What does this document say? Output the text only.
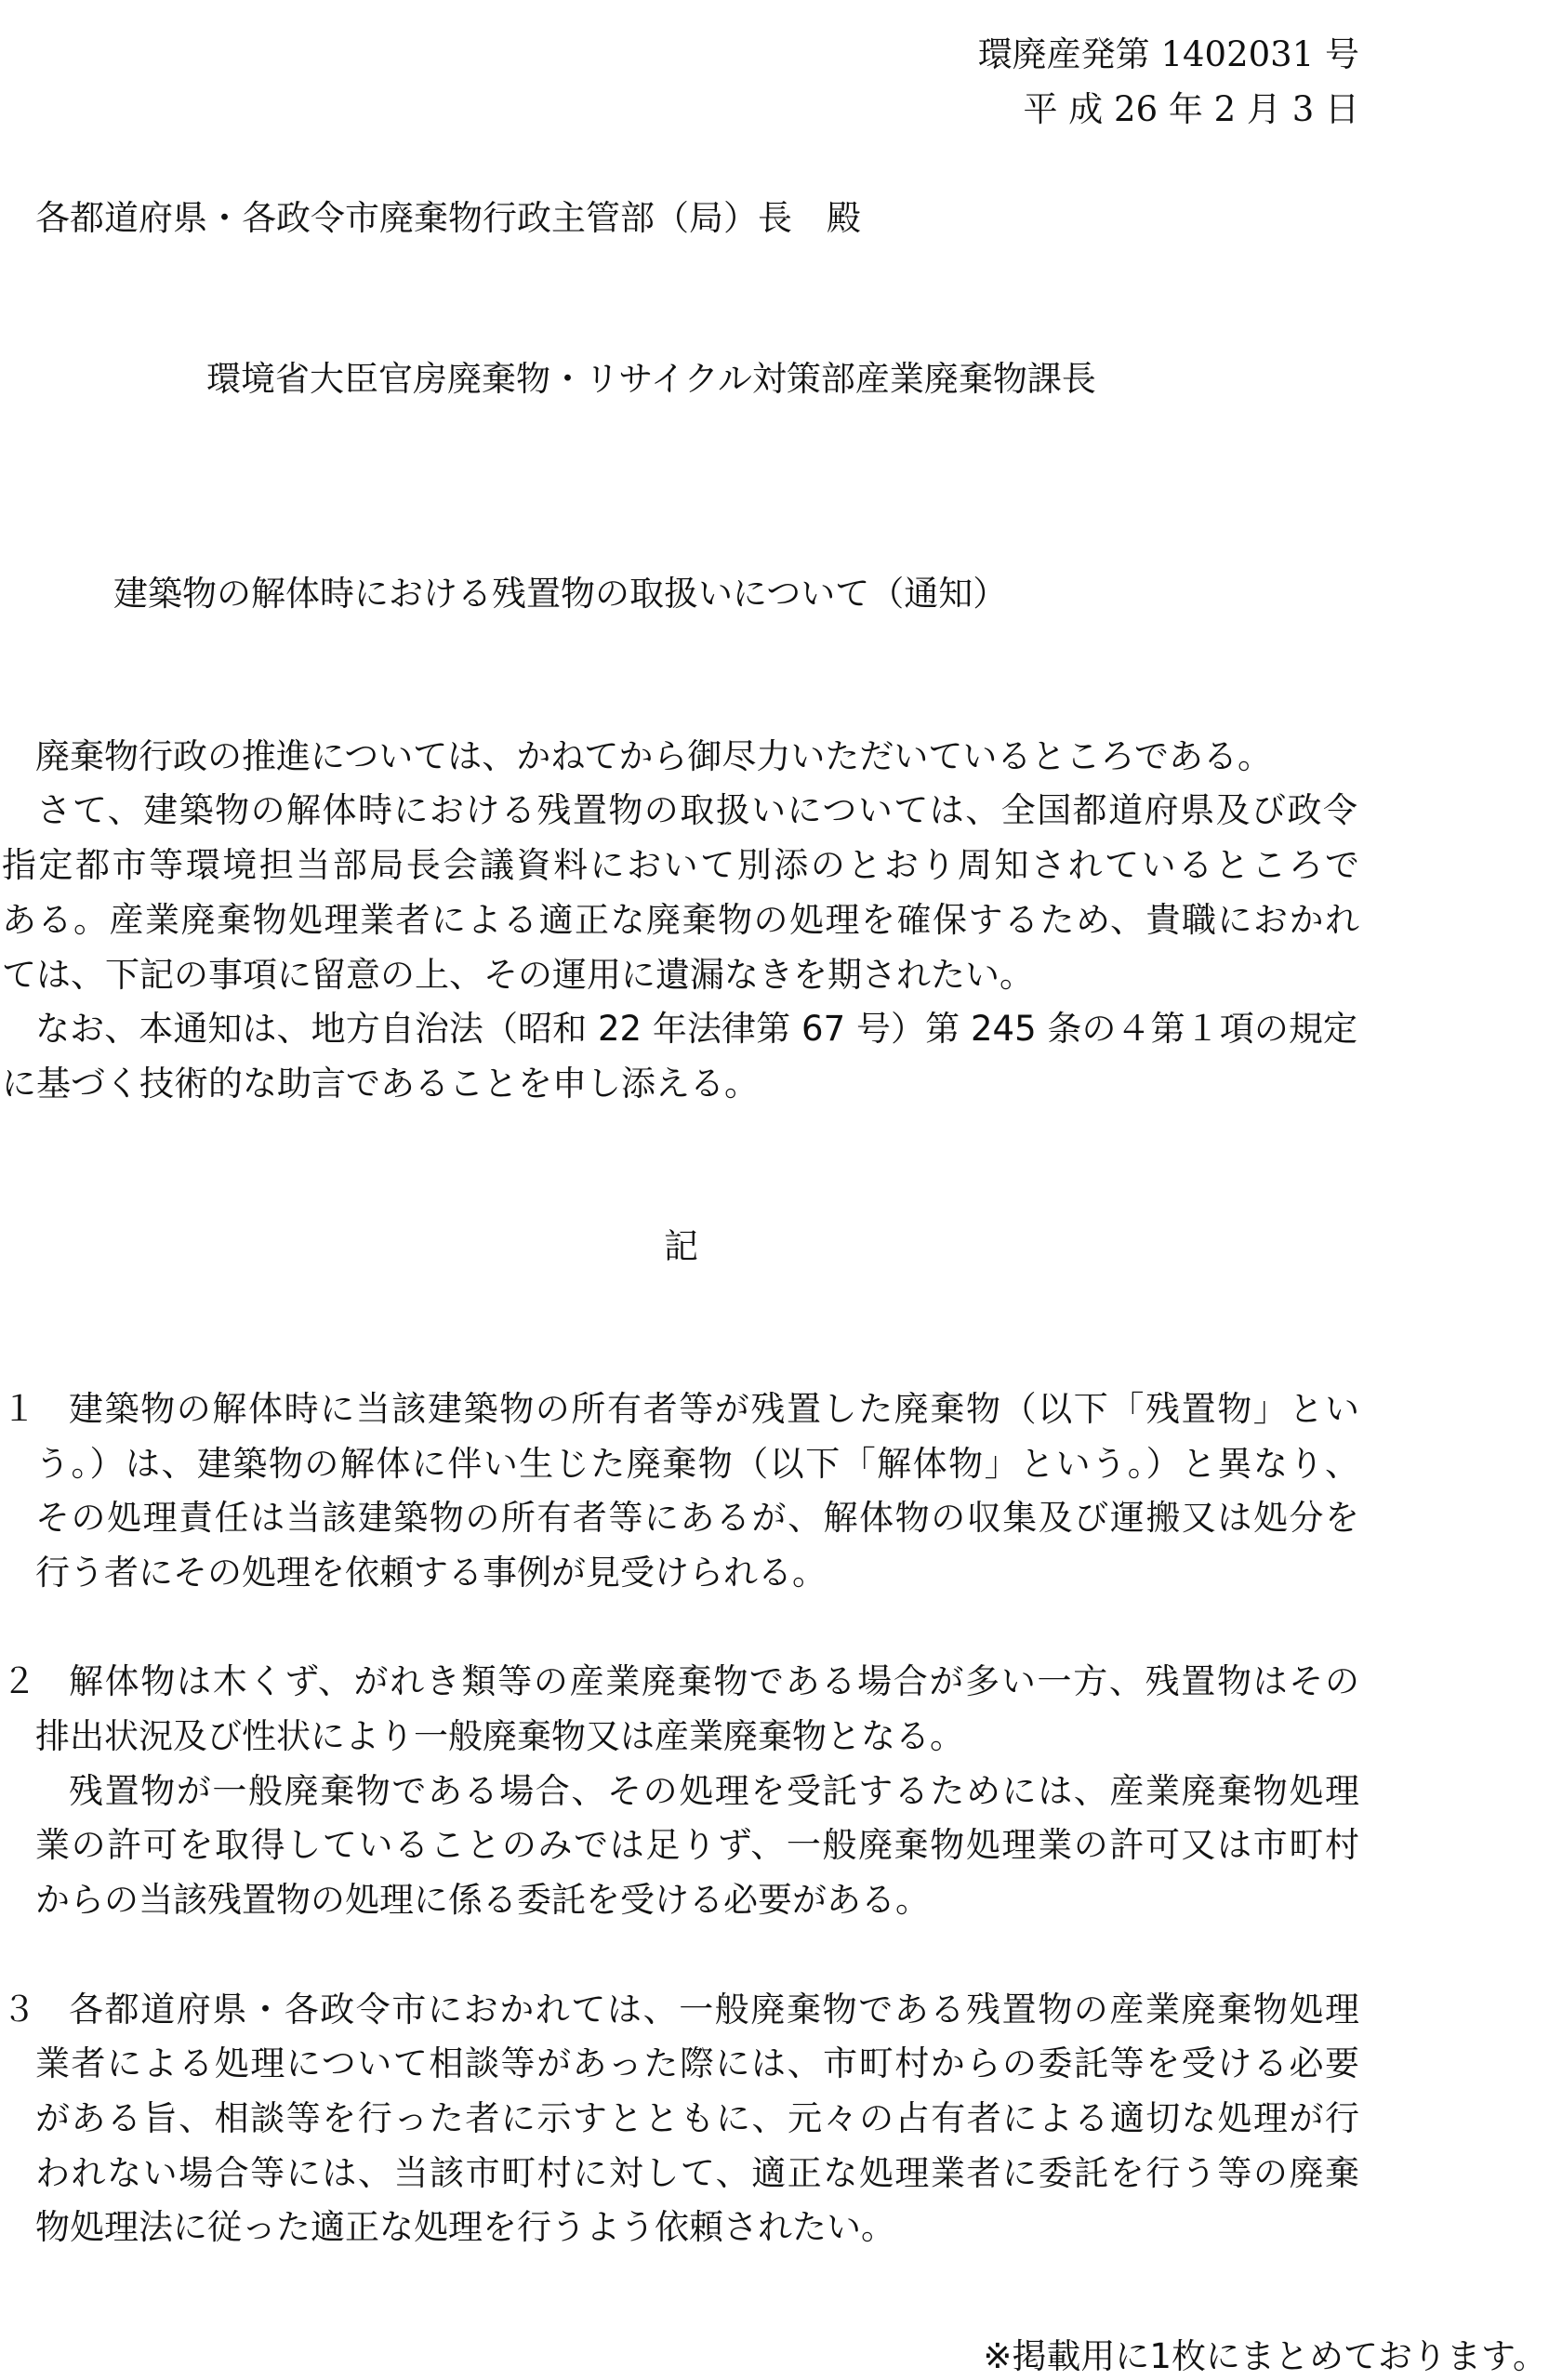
環廃産発第 1402031 号
平 成 26 年 2 月 3 日
各都道府県・各政令市廃棄物行政主管部（局）長　殿
環境省大臣官房廃棄物・リサイクル対策部産業廃棄物課長
建築物の解体時における残置物の取扱いについて（通知）
廃棄物行政の推進については、かねてから御尽力いただいているところである。
さて、建築物の解体時における残置物の取扱いについては、全国都道府県及び政令
指定都市等環境担当部局長会議資料において別添のとおり周知されているところで
ある。産業廃棄物処理業者による適正な廃棄物の処理を確保するため、貴職におかれ
ては、下記の事項に留意の上、その運用に遺漏なきを期されたい。
なお、本通知は、地方自治法（昭和 22 年法律第 67 号）第 245 条の４第１項の規定
に基づく技術的な助言であることを申し添える。
記
１ 建築物の解体時に当該建築物の所有者等が残置した廃棄物（以下「残置物」とい
う。）は、建築物の解体に伴い生じた廃棄物（以下「解体物」という。）と異なり、
その処理責任は当該建築物の所有者等にあるが、解体物の収集及び運搬又は処分を
行う者にその処理を依頼する事例が見受けられる。
２ 解体物は木くず、がれき類等の産業廃棄物である場合が多い一方、残置物はその
排出状況及び性状により一般廃棄物又は産業廃棄物となる。
残置物が一般廃棄物である場合、その処理を受託するためには、産業廃棄物処理
業の許可を取得していることのみでは足りず、一般廃棄物処理業の許可又は市町村
からの当該残置物の処理に係る委託を受ける必要がある。
３ 各都道府県・各政令市におかれては、一般廃棄物である残置物の産業廃棄物処理
業者による処理について相談等があった際には、市町村からの委託等を受ける必要
がある旨、相談等を行った者に示すとともに、元々の占有者による適切な処理が行
われない場合等には、当該市町村に対して、適正な処理業者に委託を行う等の廃棄
物処理法に従った適正な処理を行うよう依頼されたい。
※掲載用に1枚にまとめております。
